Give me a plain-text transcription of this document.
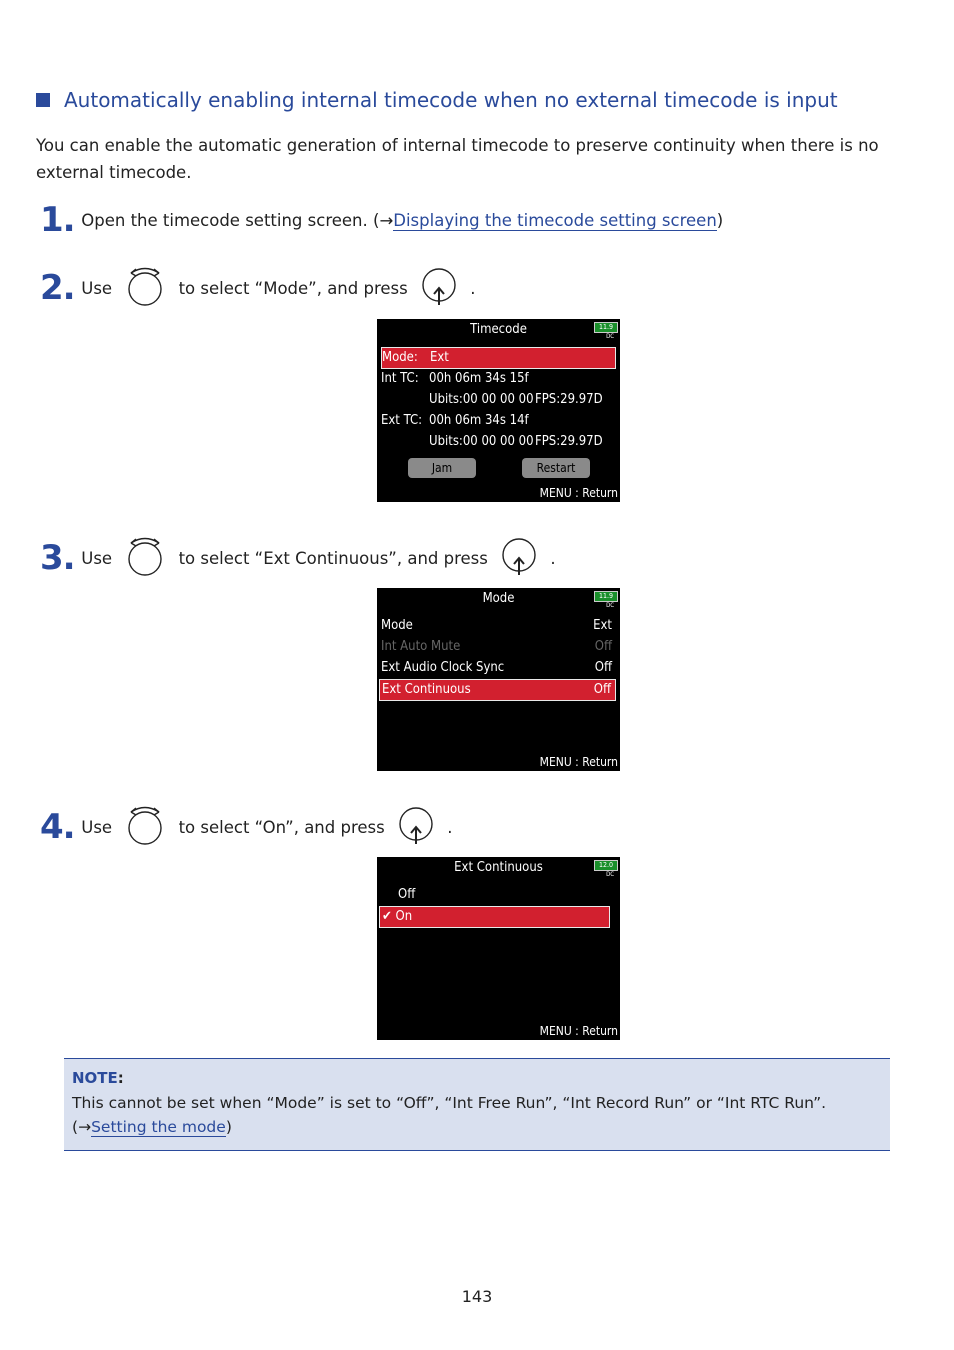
Automatically enabling internal timecode when no external timecode is input
You can enable the automatic generation of internal timecode to preserve continuity when there is no external timecode.
1. Open the timecode setting screen. (→Displaying the timecode setting screen)
2. Use	to select “Mode”, and press	.
Timecode	11.9
DC
Mode: Ext
Int TC: 00h 06m 34s 15f
Ubits:00 00 00 00 FPS:29.97D
Ext TC: 00h 06m 34s 14f
Ubits:00 00 00 00 FPS:29.97D
Jam	Restart
MENU : Return
3. Use	to select “Ext Continuous”, and press	.
Mode	11.9
DC
Mode	Ext
Int Auto Mute	Off
Ext Audio Clock Sync	Off
Ext Continuous	Off
MENU : Return
4. Use	to select “On”, and press	.
Ext Continuous	12.0
DC
Off
✔ On
MENU : Return
NOTE:
This cannot be set when “Mode” is set to “Off”, “Int Free Run”, “Int Record Run” or “Int RTC Run”. (→Setting the mode)
143
